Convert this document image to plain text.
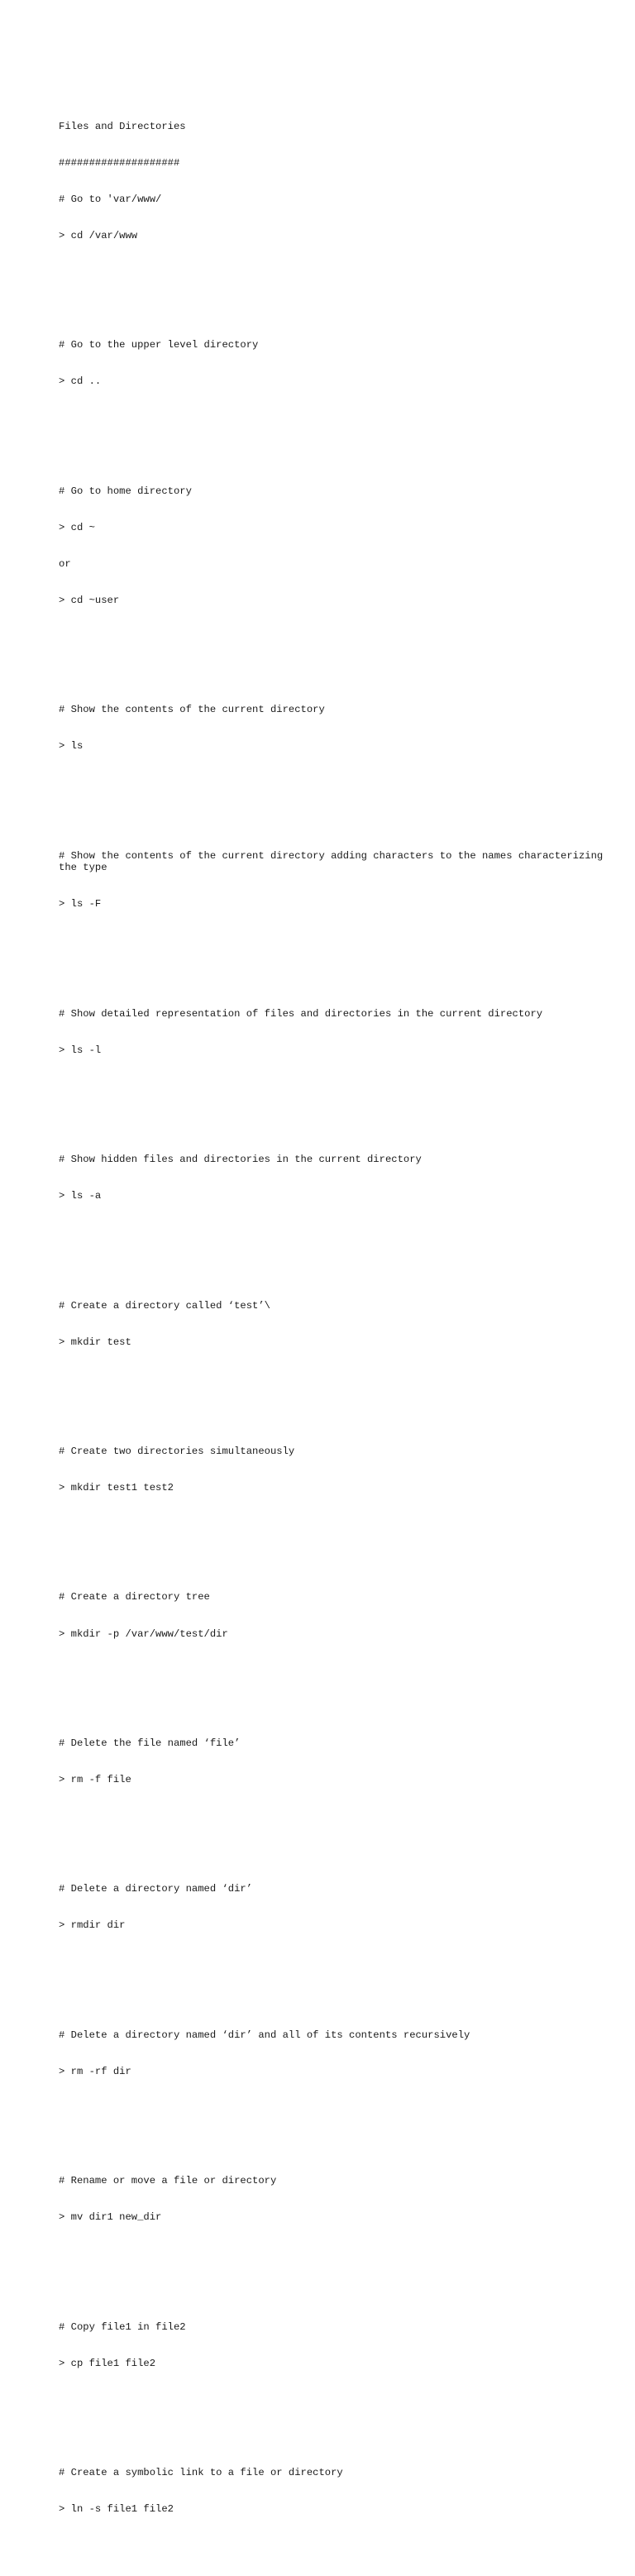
Files and Directories

####################

# Go to 'var/www/

> cd /var/www

# Go to the upper level directory

> cd ..

# Go to home directory

> cd ~

or

> cd ~user

# Show the contents of the current directory

> ls

# Show the contents of the current directory adding characters to the names characterizing the type

> ls -F

# Show detailed representation of files and directories in the current directory

> ls -l

# Show hidden files and directories in the current directory

> ls -a

# Create a directory called ‘test’\

> mkdir test

# Create two directories simultaneously

> mkdir test1 test2

# Create a directory tree

> mkdir -p /var/www/test/dir

# Delete the file named ‘file’

> rm -f file

# Delete a directory named ‘dir’

> rmdir dir

# Delete a directory named ‘dir’ and all of its contents recursively

> rm -rf dir

# Rename or move a file or directory

> mv dir1 new_dir

# Copy file1 in file2

> cp file1 file2

# Create a symbolic link to a file or directory

> ln -s file1 file2
